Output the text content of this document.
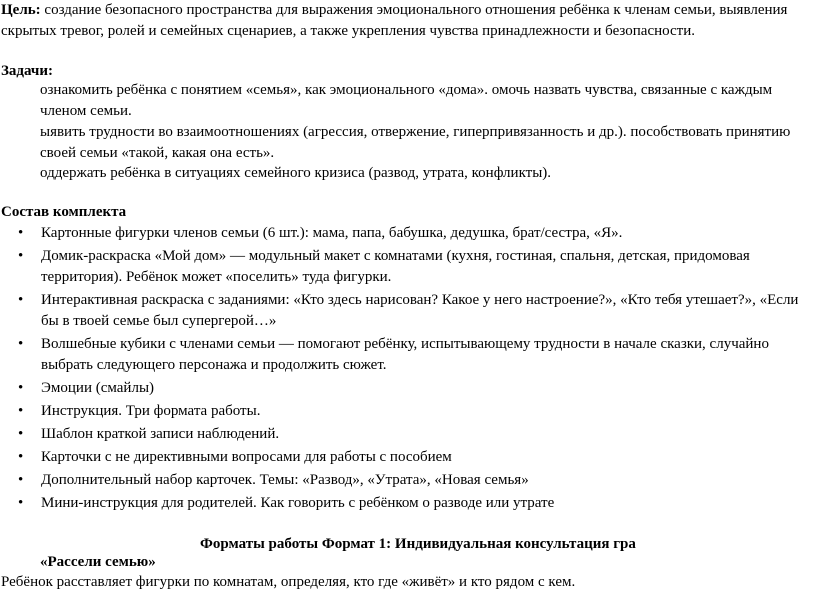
Цель: создание безопасного пространства для выражения эмоционального отношения ребёнка к членам семьи, выявления скрытых тревог, ролей и семейных сценариев, а также укрепления чувства принадлежности и безопасности.

Задачи:

ознакомить ребёнка с понятием «семья», как эмоционального «дома». омочь назвать чувства, связанные с каждым членом семьи.

ыявить трудности во взаимоотношениях (агрессия, отвержение, гиперпривязанность и др.). пособствовать принятию своей семьи «такой, какая она есть».

оддержать ребёнка в ситуациях семейного кризиса (развод, утрата, конфликты).

Состав комплекта

• Картонные фигурки членов семьи (6 шт.): мама, папа, бабушка, дедушка, брат/сестра, «Я».
• Домик-раскраска «Мой дом» — модульный макет с комнатами (кухня, гостиная, спальня, детская, придомовая территория). Ребёнок может «поселить» туда фигурки.
• Интерактивная раскраска с заданиями: «Кто здесь нарисован? Какое у него настроение?», «Кто тебя утешает?», «Если бы в твоей семье был супергерой…»
• Волшебные кубики с членами семьи — помогают ребёнку, испытывающему трудности в начале сказки, случайно выбрать следующего персонажа и продолжить сюжет.
• Эмоции (смайлы)
• Инструкция. Три формата работы.
• Шаблон краткой записи наблюдений.
• Карточки с не директивными вопросами для работы с пособием
• Дополнительный набор карточек. Темы: «Развод», «Утрата», «Новая семья»
• Мини-инструкция для родителей. Как говорить с ребёнком о разводе или утрате

Форматы работы Формат 1: Индивидуальная консультация гра

«Рассели семью»

Ребёнок расставляет фигурки по комнатам, определяя, кто где «живёт» и кто рядом с кем.
